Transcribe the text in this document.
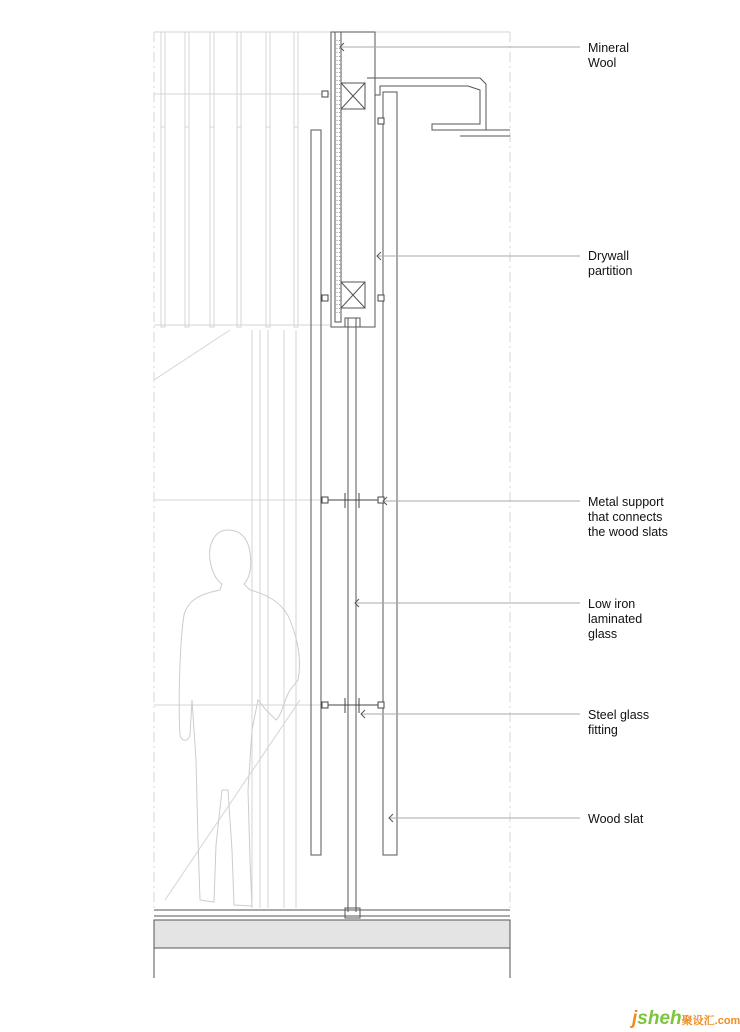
Mineral
Wool
Drywall
partition
Metal support
that connects
the wood slats
Low iron
laminated
glass
Steel glass
fitting
Wood slat
jsheh聚设汇.com
